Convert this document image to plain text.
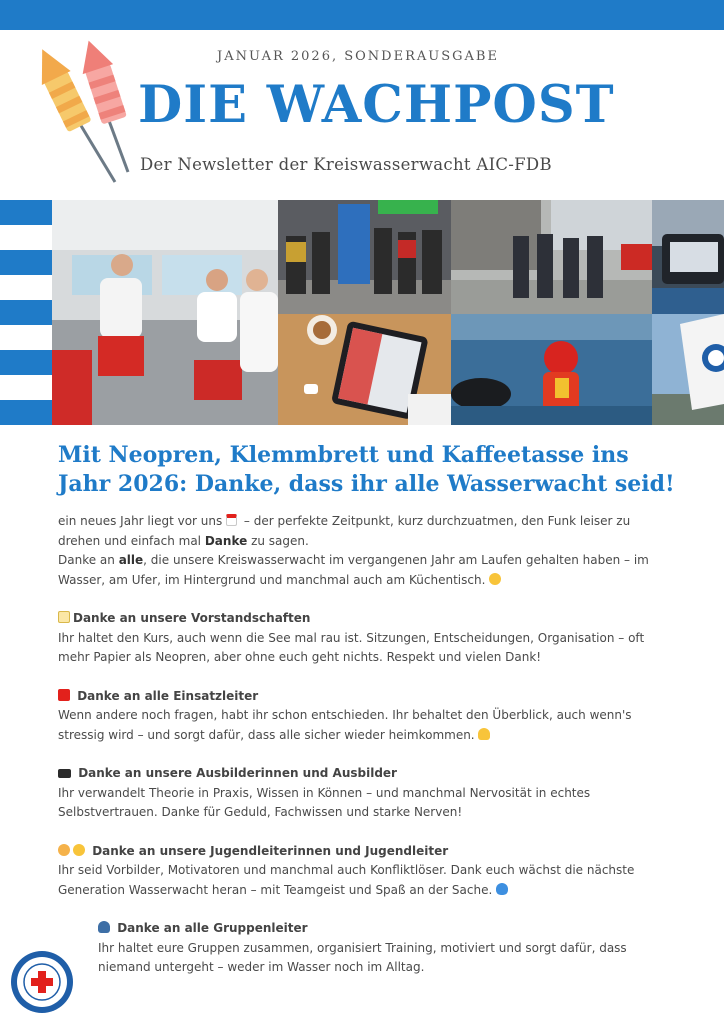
JANUAR 2026, SONDERAUSGABE
DIE WACHPOST
Der Newsletter der Kreiswasserwacht AIC-FDB
Mit Neopren, Klemmbrett und Kaffeetasse ins Jahr 2026: Danke, dass ihr alle Wasserwacht seid!

ein neues Jahr liegt vor uns  – der perfekte Zeitpunkt, kurz durchzuatmen, den Funk leiser zu drehen und einfach mal Danke zu sagen.

Danke an alle, die unsere Kreiswasserwacht im vergangenen Jahr am Laufen gehalten haben – im Wasser, am Ufer, im Hintergrund und manchmal auch am Küchentisch.

Danke an unsere Vorstandschaften
Ihr haltet den Kurs, auch wenn die See mal rau ist. Sitzungen, Entscheidungen, Organisation – oft mehr Papier als Neopren, aber ohne euch geht nichts. Respekt und vielen Dank!
Danke an alle Einsatzleiter
Wenn andere noch fragen, habt ihr schon entschieden. Ihr behaltet den Überblick, auch wenn's stressig wird – und sorgt dafür, dass alle sicher wieder heimkommen.
Danke an unsere Ausbilderinnen und Ausbilder
Ihr verwandelt Theorie in Praxis, Wissen in Können – und manchmal Nervosität in echtes Selbstvertrauen. Danke für Geduld, Fachwissen und starke Nerven!
Danke an unsere Jugendleiterinnen und Jugendleiter
Ihr seid Vorbilder, Motivatoren und manchmal auch Konfliktlöser. Dank euch wächst die nächste Generation Wasserwacht heran – mit Teamgeist und Spaß an der Sache.
Danke an alle Gruppenleiter
Ihr haltet eure Gruppen zusammen, organisiert Training, motiviert und sorgt dafür, dass niemand untergeht – weder im Wasser noch im Alltag.
